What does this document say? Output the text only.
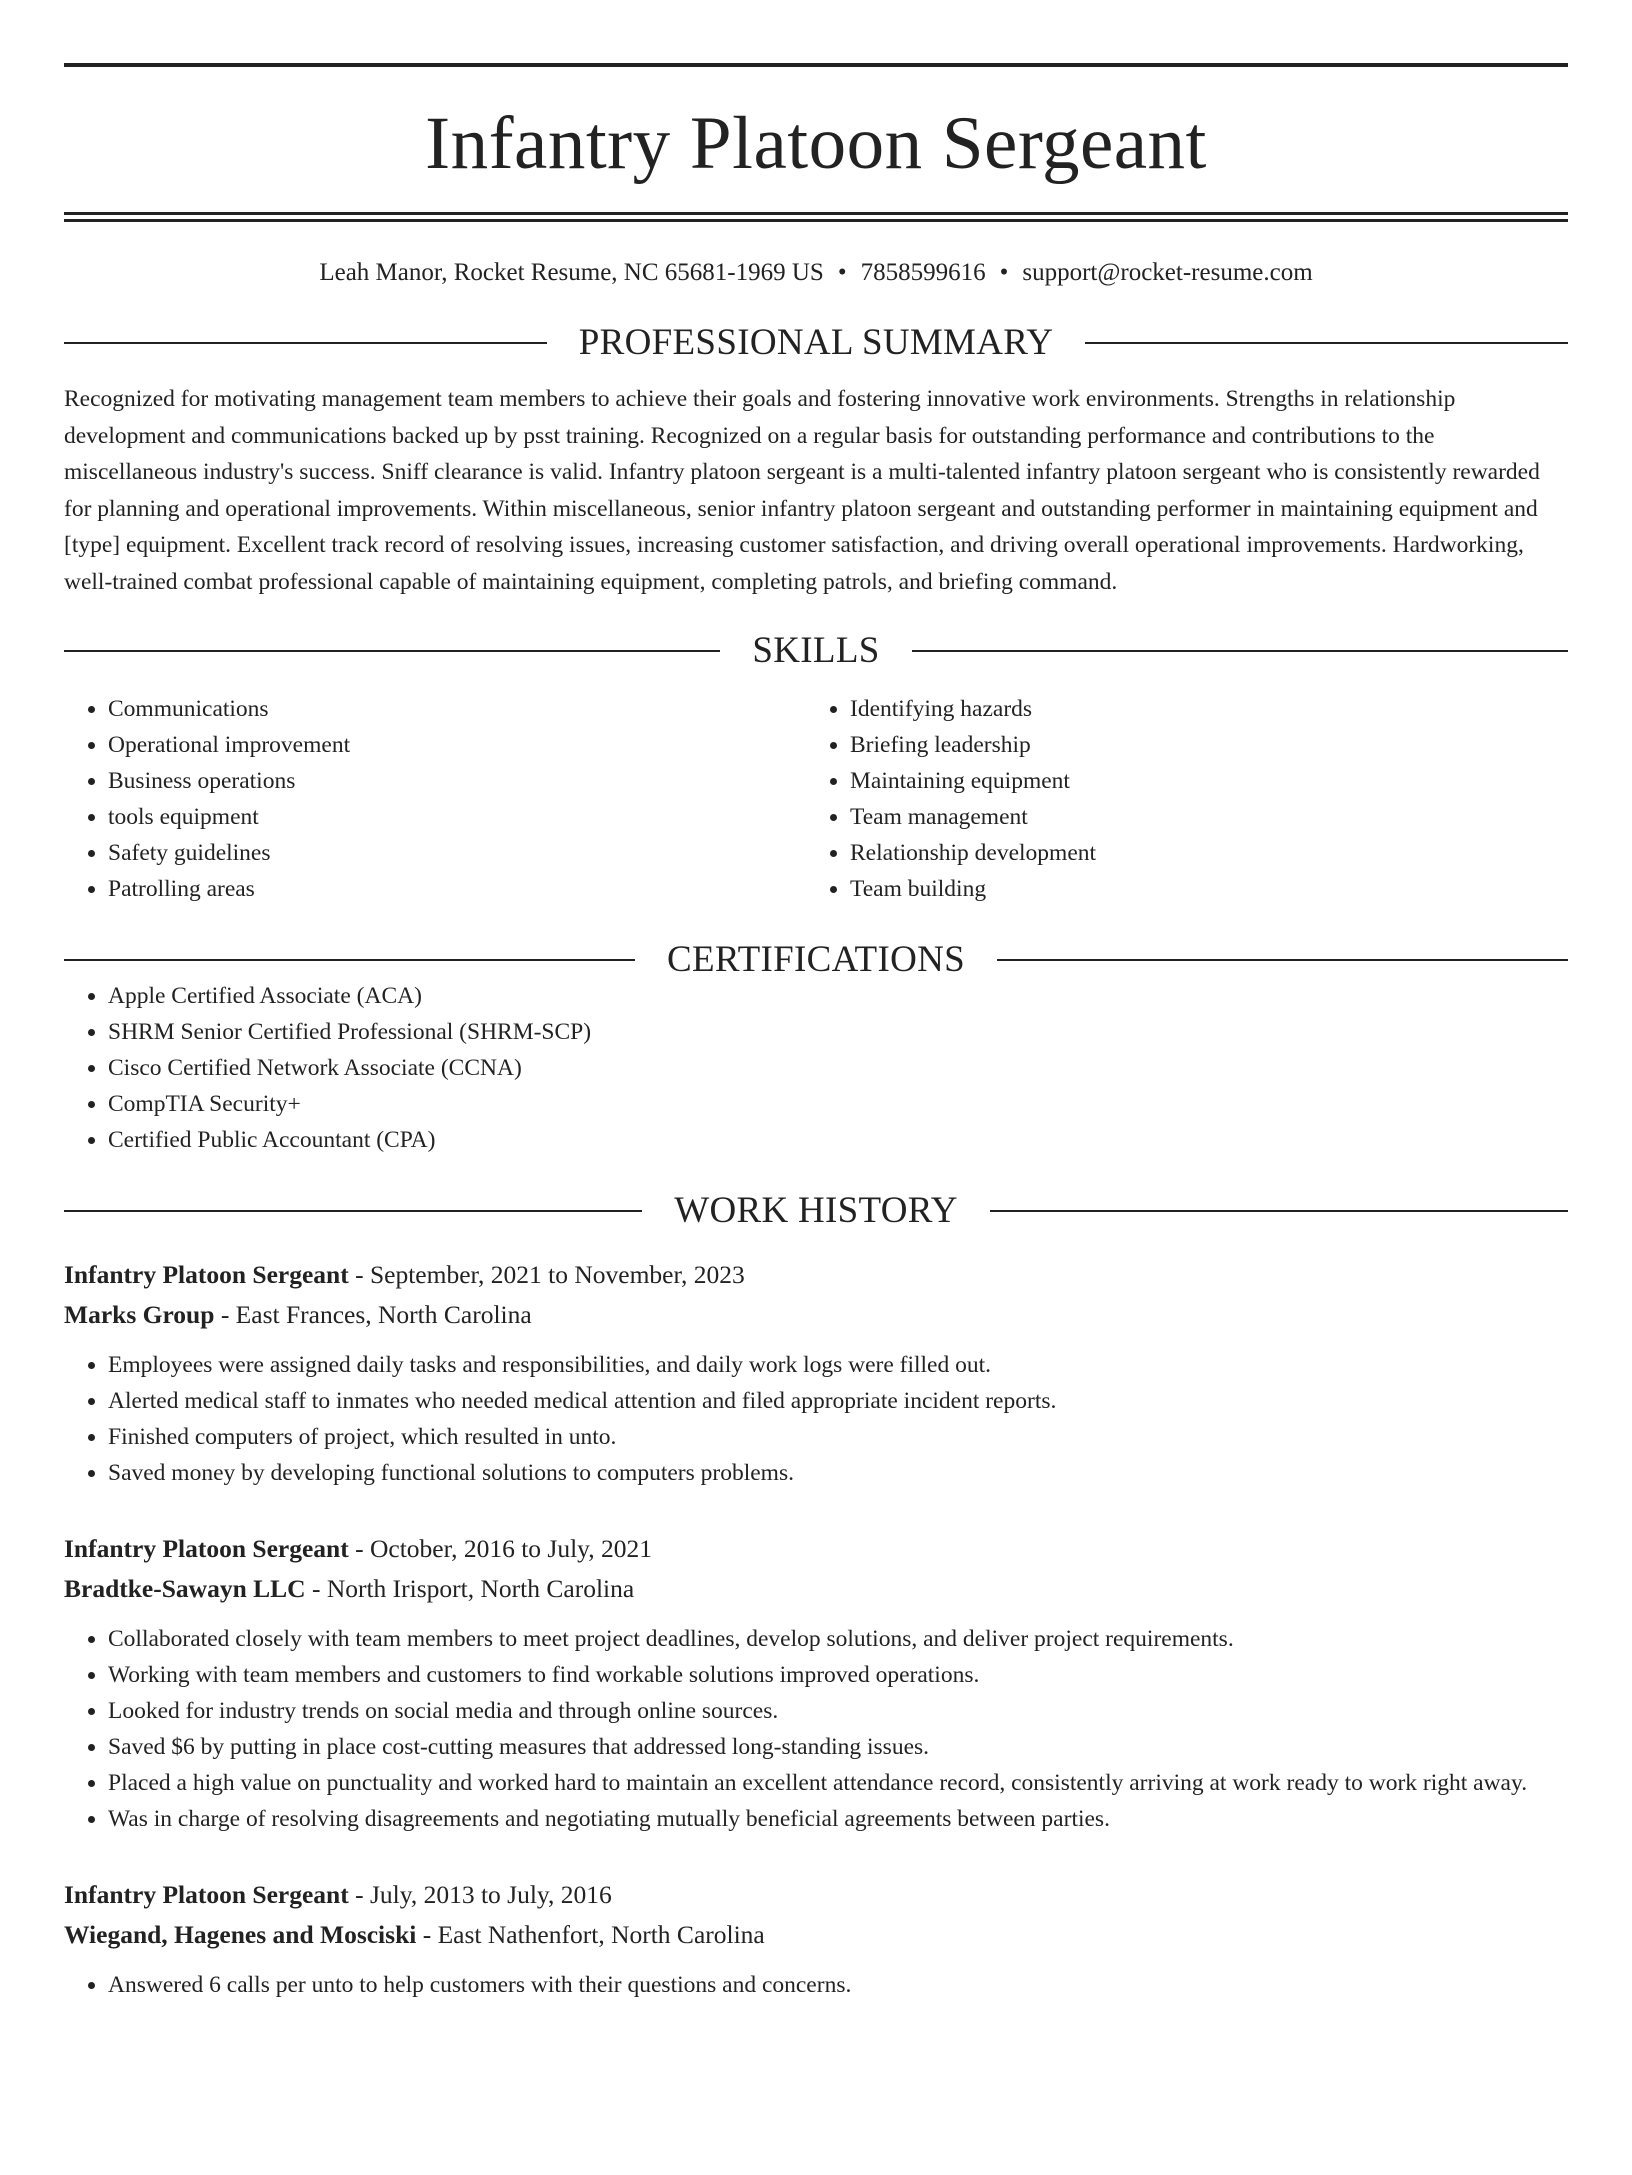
Infantry Platoon Sergeant
Leah Manor, Rocket Resume, NC 65681-1969 US • 7858599616 • support@rocket-resume.com
PROFESSIONAL SUMMARY
Recognized for motivating management team members to achieve their goals and fostering innovative work environments. Strengths in relationship development and communications backed up by psst training. Recognized on a regular basis for outstanding performance and contributions to the miscellaneous industry's success. Sniff clearance is valid. Infantry platoon sergeant is a multi-talented infantry platoon sergeant who is consistently rewarded for planning and operational improvements. Within miscellaneous, senior infantry platoon sergeant and outstanding performer in maintaining equipment and [type] equipment. Excellent track record of resolving issues, increasing customer satisfaction, and driving overall operational improvements. Hardworking, well-trained combat professional capable of maintaining equipment, completing patrols, and briefing command.
SKILLS
• Communications
• Operational improvement
• Business operations
• tools equipment
• Safety guidelines
• Patrolling areas
• Identifying hazards
• Briefing leadership
• Maintaining equipment
• Team management
• Relationship development
• Team building
CERTIFICATIONS
• Apple Certified Associate (ACA)
• SHRM Senior Certified Professional (SHRM-SCP)
• Cisco Certified Network Associate (CCNA)
• CompTIA Security+
• Certified Public Accountant (CPA)
WORK HISTORY
Infantry Platoon Sergeant - September, 2021 to November, 2023
Marks Group - East Frances, North Carolina
• Employees were assigned daily tasks and responsibilities, and daily work logs were filled out.
• Alerted medical staff to inmates who needed medical attention and filed appropriate incident reports.
• Finished computers of project, which resulted in unto.
• Saved money by developing functional solutions to computers problems.
Infantry Platoon Sergeant - October, 2016 to July, 2021
Bradtke-Sawayn LLC - North Irisport, North Carolina
• Collaborated closely with team members to meet project deadlines, develop solutions, and deliver project requirements.
• Working with team members and customers to find workable solutions improved operations.
• Looked for industry trends on social media and through online sources.
• Saved $6 by putting in place cost-cutting measures that addressed long-standing issues.
• Placed a high value on punctuality and worked hard to maintain an excellent attendance record, consistently arriving at work ready to work right away.
• Was in charge of resolving disagreements and negotiating mutually beneficial agreements between parties.
Infantry Platoon Sergeant - July, 2013 to July, 2016
Wiegand, Hagenes and Mosciski - East Nathenfort, North Carolina
• Answered 6 calls per unto to help customers with their questions and concerns.
